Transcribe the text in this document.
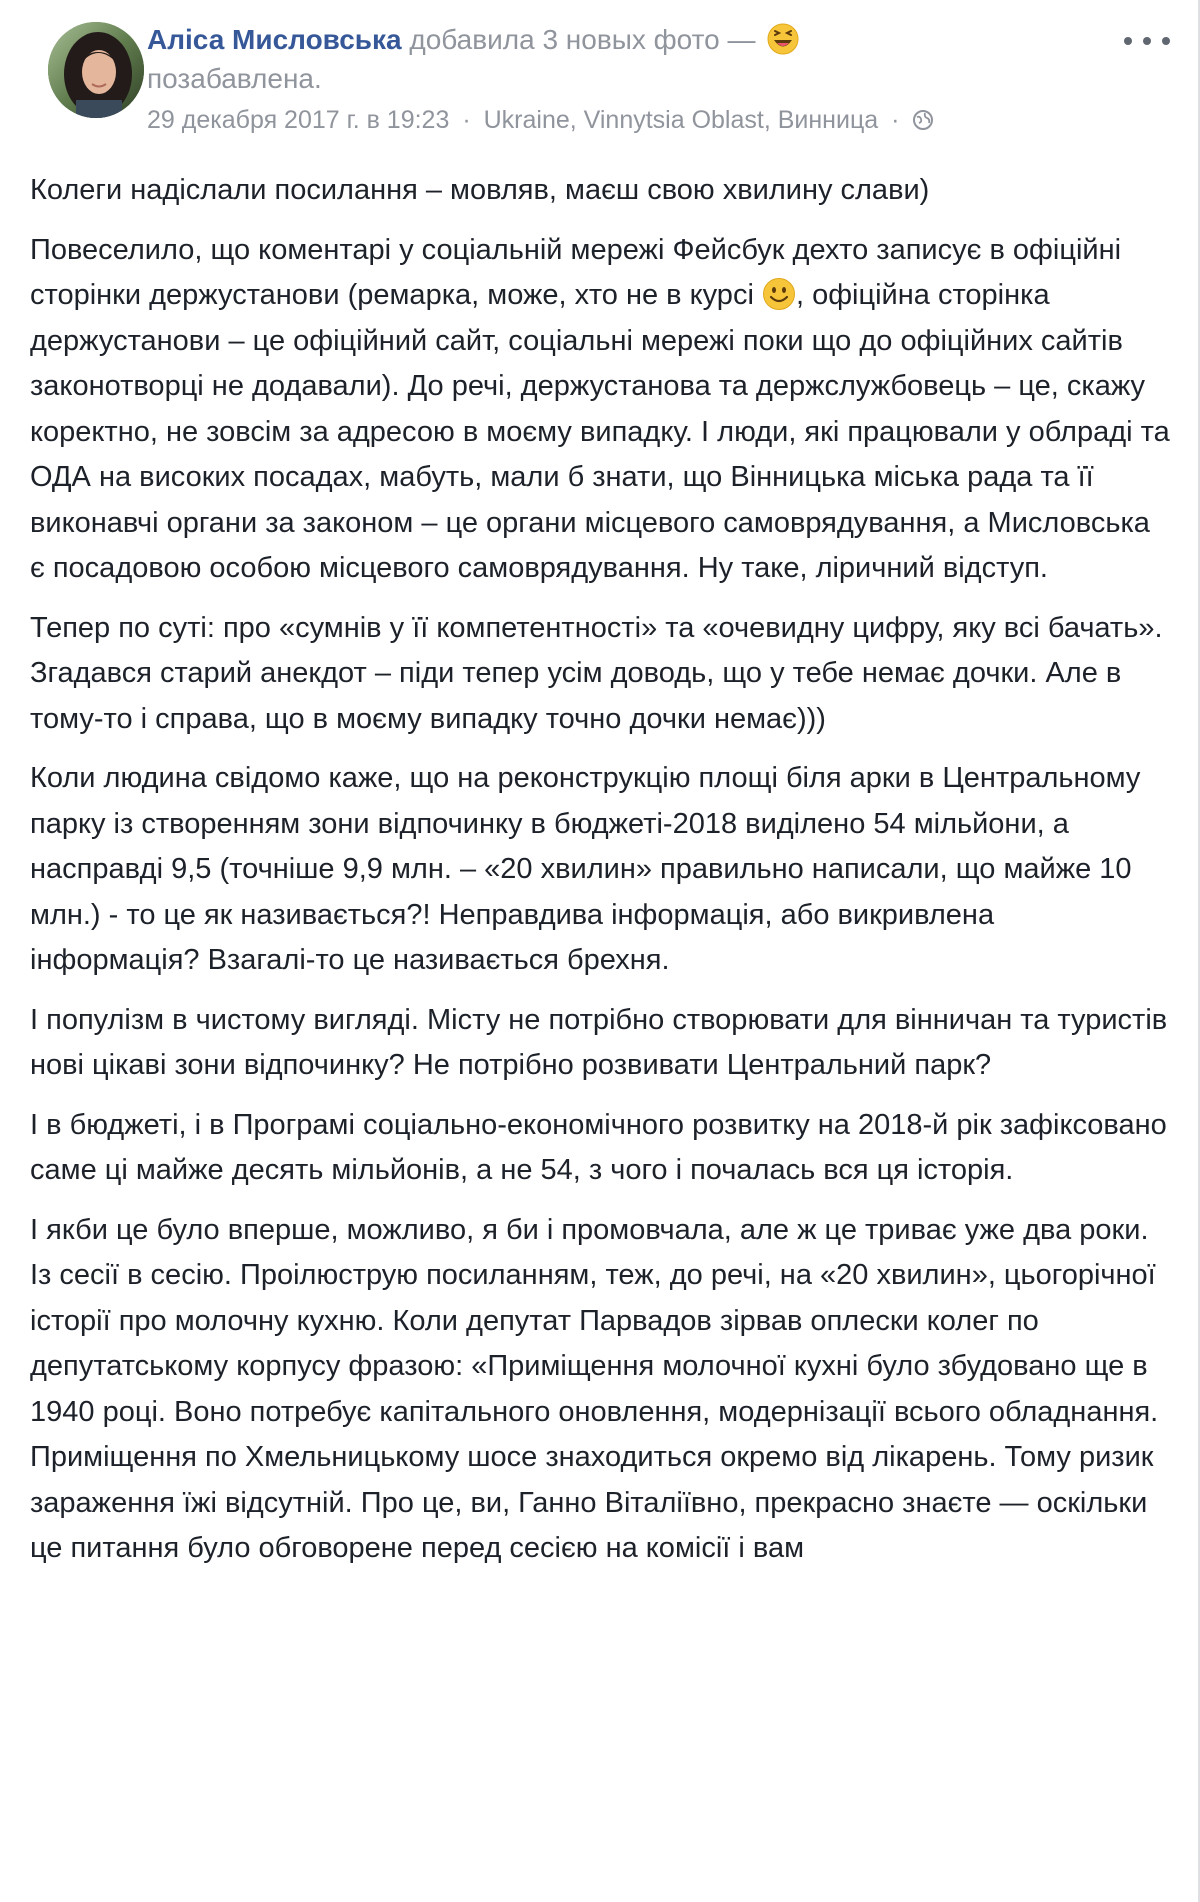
Аліса Мисловська добавила 3 новых фото —
позабавлена.
29 декабря 2017 г. в 19:23 · Ukraine, Vinnytsia Oblast, Винница ·

Колеги надіслали посилання – мовляв, маєш свою хвилину слави)

Повеселило, що коментарі у соціальній мережі Фейсбук дехто записує в офіційні сторінки держустанови (ремарка, може, хто не в курсі , офіційна сторінка держустанови – це офіційний сайт, соціальні мережі поки що до офіційних сайтів законотворці не додавали). До речі, держустанова та держслужбовець – це, скажу коректно, не зовсім за адресою в моєму випадку. І люди, які працювали у облраді та ОДА на високих посадах, мабуть, мали б знати, що Вінницька міська рада та її виконавчі органи за законом – це органи місцевого самоврядування, а Мисловська є посадовою особою місцевого самоврядування. Ну таке, ліричний відступ.

Тепер по суті: про «сумнів у її компетентності» та «очевидну цифру, яку всі бачать». Згадався старий анекдот – піди тепер усім доводь, що у тебе немає дочки. Але в тому-то і справа, що в моєму випадку точно дочки немає)))

Коли людина свідомо каже, що на реконструкцію площі біля арки в Центральному парку із створенням зони відпочинку в бюджеті-2018 виділено 54 мільйони, а насправді 9,5 (точніше 9,9 млн. – «20 хвилин» правильно написали, що майже 10 млн.) - то це як називається?! Неправдива інформація, або викривлена інформація? Взагалі-то це називається брехня.

І популізм в чистому вигляді. Місту не потрібно створювати для вінничан та туристів нові цікаві зони відпочинку? Не потрібно розвивати Центральний парк?

І в бюджеті, і в Програмі соціально-економічного розвитку на 2018-й рік зафіксовано саме ці майже десять мільйонів, а не 54, з чого і почалась вся ця історія.

І якби це було вперше, можливо, я би і промовчала, але ж це триває уже два роки. Із сесії в сесію. Проілюструю посиланням, теж, до речі, на «20 хвилин», цьогорічної історії про молочну кухню. Коли депутат Парвадов зірвав оплески колег по депутатському корпусу фразою: «Приміщення молочної кухні було збудовано ще в 1940 році. Воно потребує капітального оновлення, модернізації всього обладнання. Приміщення по Хмельницькому шосе знаходиться окремо від лікарень. Тому ризик зараження їжі відсутній. Про це, ви, Ганно Віталіївно, прекрасно знаєте — оскільки це питання було обговорене перед сесією на комісії і вам
